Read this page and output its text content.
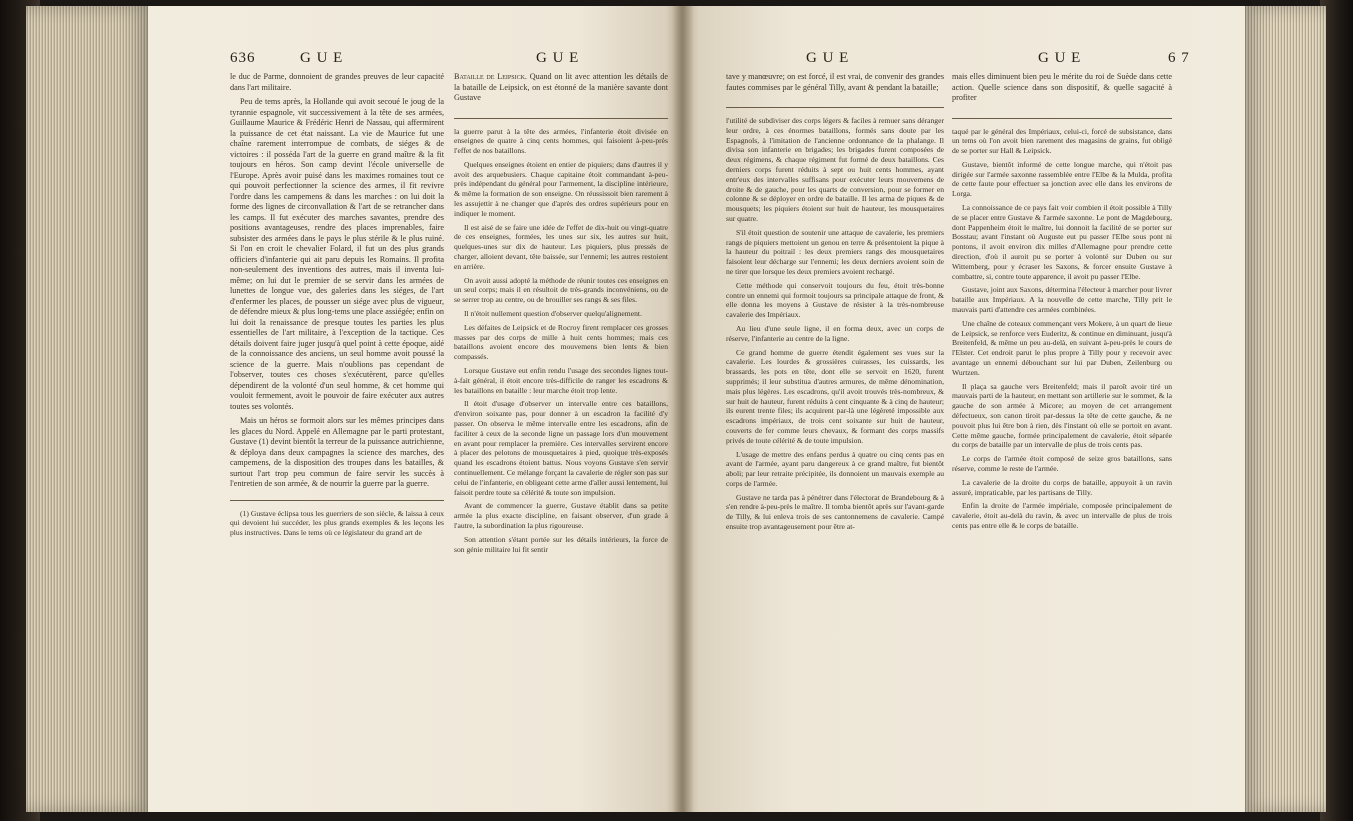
636	G U E	G U E

le duc de Parme, donnoient de grandes preuves de leur capacité dans l'art militaire.

Peu de tems après, la Hollande qui avoit secoué le joug de la tyrannie espagnole, vit successivement à la tête de ses armées, Guillaume Maurice & Frédéric Henri de Nassau, qui affermirent la puissance de cet état naissant. La vie de Maurice fut une chaîne rarement interrompue de combats, de siéges & de victoires : il posséda l'art de la guerre en grand maître & la fit toujours en héros. Son camp devint l'école universelle de l'Europe. Après avoir puisé dans les maximes romaines tout ce qui pouvoit perfectionner la science des armes, il fit revivre l'ordre dans les campemens & dans les marches : on lui doit la forme des lignes de circonvallation & l'art de se retrancher dans les camps. Il fut exécuter des marches savantes, prendre des positions avantageuses, rendre des places imprenables, faire subsister des armées dans le pays le plus stérile & le plus ruiné. Si l'on en croit le chevalier Folard, il fut un des plus grands officiers d'infanterie qui ait paru depuis les Romains. Il profita non-seulement des inventions des autres, mais il inventa lui-même; on lui dut le premier de se servir dans les armées de lunettes de longue vue, des galeries dans les siéges, de l'art d'enfermer les places, de pousser un siége avec plus de vigueur, de défendre mieux & plus long-tems une place assiégée; enfin on lui doit la renaissance de presque toutes les parties les plus essentielles de l'art militaire, à l'exception de la tactique. Ces détails doivent faire juger jusqu'à quel point à cette époque, aidé de la connoissance des anciens, un seul homme avoit poussé la science de la guerre. Mais n'oublions pas cependant de l'observer, toutes ces choses s'exécutèrent, parce qu'elles dépendirent de la volonté d'un seul homme, & cet homme qui vouloit fermement, avoit le pouvoir de faire exécuter aux autres toutes ses volontés.

Mais un héros se formoit alors sur les mêmes principes dans les glaces du Nord. Appelé en Allemagne par le parti protestant, Gustave (1) devint bientôt la terreur de la puissance autrichienne, & déploya dans deux campagnes la science des marches, des campemens, de la disposition des troupes dans les batailles, & surtout l'art trop peu commun de faire servir les succès à l'entretien de son armée, & de nourrir la guerre par la guerre.

(1) Gustave éclipsa tous les guerriers de son siècle, & laissa à ceux qui devoient lui succéder, les plus grands exemples & les leçons les plus instructives. Dans le tems où ce législateur du grand art de

Bataille de Leipsick. Quand on lit avec attention les détails de la bataille de Leipsick, on est étonné de la manière savante dont Gustave

la guerre parut à la tête des armées, l'infanterie étoit divisée en enseignes de quatre à cinq cents hommes, qui faisoient à-peu-près l'effet de nos bataillons.

Quelques enseignes étoient en entier de piquiers; dans d'autres il y avoit des arquebusiers. Chaque capitaine étoit commandant à-peu-près indépendant du général pour l'armement, la discipline intérieure, & même la formation de son enseigne. On réussissoit bien rarement à les assujettir à ne changer que d'après des ordres supérieurs pour en indiquer le moment.

Il est aisé de se faire une idée de l'effet de dix-huit ou vingt-quatre de ces enseignes, formées, les unes sur six, les autres sur huit, quelques-unes sur dix de hauteur. Les piquiers, plus pressés de charger, alloient devant, tête baissée, sur l'ennemi; les autres restoient en arrière.

On avoit aussi adopté la méthode de réunir toutes ces enseignes en un seul corps; mais il en résultoit de très-grands inconvéniens, ou de se serrer trop au centre, ou de brouiller ses rangs & ses files.

Il n'étoit nullement question d'observer quelqu'alignement.

Les défaites de Leipsick et de Rocroy firent remplacer ces grosses masses par des corps de mille à huit cents hommes; mais ces bataillons avoient encore des mouvemens bien lents & bien compassés.

Lorsque Gustave eut enfin rendu l'usage des secondes lignes tout-à-fait général, il étoit encore très-difficile de ranger les escadrons & les bataillons en bataille : leur marche étoit trop lente.

Il étoit d'usage d'observer un intervalle entre ces bataillons, d'environ soixante pas, pour donner à un escadron la facilité d'y passer. On observa le même intervalle entre les escadrons, afin de faciliter à ceux de la seconde ligne un passage lors d'un mouvement en avant pour remplacer la première. Ces intervalles servirent encore à placer des pelotons de mousquetaires à pied, quoique très-exposés quand les escadrons étoient battus. Nous voyons Gustave s'en servir continuellement. Ce mélange forçant la cavalerie de régler son pas sur celui de l'infanterie, en obligeant cette arme d'aller aussi lentement, lui faisoit perdre toute sa célérité & toute son impulsion.

Avant de commencer la guerre, Gustave établit dans sa petite armée la plus exacte discipline, en faisant observer, d'un grade à l'autre, la subordination la plus rigoureuse.

Son attention s'étant portée sur les détails intérieurs, la force de son génie militaire lui fit sentir

G U E	G U E	6 7

tave y manœuvre; on est forcé, il est vrai, de convenir des grandes fautes commises par le général Tilly, avant & pendant la bataille;

l'utilité de subdiviser des corps légers & faciles à remuer sans déranger leur ordre, à ces énormes bataillons, formés sans doute par les Espagnols, à l'imitation de l'ancienne ordonnance de la phalange. Il divisa son infanterie en brigades; les brigades furent composées de deux régimens, & chaque régiment fut formé de deux bataillons. Ces derniers corps furent réduits à sept ou huit cents hommes, ayant entr'eux des intervalles suffisans pour exécuter leurs mouvemens de droite & de gauche, pour les quarts de conversion, pour se former en colonne & se déployer en ordre de bataille. Il les arma de piques & de mousquets; les piquiers étoient sur huit de hauteur, les mousquetaires sur quatre.

S'il étoit question de soutenir une attaque de cavalerie, les premiers rangs de piquiers mettoient un genou en terre & présentoient la pique à la hauteur du poitrail : les deux premiers rangs des mousquetaires faisoient leur décharge sur l'ennemi; les deux derniers avoient soin de ne tirer que lorsque les deux premiers avoient rechargé.

Cette méthode qui conservoit toujours du feu, étoit très-bonne contre un ennemi qui formoit toujours sa principale attaque de front, & elle donna les moyens à Gustave de résister à la très-nombreuse cavalerie des Impériaux.

Au lieu d'une seule ligne, il en forma deux, avec un corps de réserve, l'infanterie au centre de la ligne.

Ce grand homme de guerre étendit également ses vues sur la cavalerie. Les lourdes & grossières cuirasses, les cuissards, les brassards, les pots en tête, dont elle se servoit en 1620, furent supprimés; il leur substitua d'autres armures, de même dénomination, mais plus légères. Les escadrons, qu'il avoit trouvés très-nombreux, & sur huit de hauteur, furent réduits à cent cinquante & à cinq de hauteur; ils eurent trente files; ils acquirent par-là une légèreté impossible aux escadrons impériaux, de trois cent soixante sur huit de hauteur, couverts de fer comme leurs chevaux, & formant des corps massifs privés de toute célérité & de toute impulsion.

L'usage de mettre des enfans perdus à quatre ou cinq cents pas en avant de l'armée, ayant paru dangereux à ce grand maître, fut bientôt aboli; par leur retraite précipitée, ils donnoient un mauvais exemple au corps de l'armée.

Gustave ne tarda pas à pénétrer dans l'électorat de Brandebourg & à s'en rendre à-peu-près le maître. Il tomba bientôt après sur l'avant-garde de Tilly, & lui enleva trois de ses cantonnemens de cavalerie. Campé ensuite trop avantageusement pour être at-

mais elles diminuent bien peu le mérite du roi de Suède dans cette action. Quelle science dans son dispositif, & quelle sagacité à profiter

taqué par le général des Impériaux, celui-ci, forcé de subsistance, dans un tems où l'on avoit bien rarement des magasins de grains, fut obligé de se porter sur Hall & Leipsick.

Gustave, bientôt informé de cette longue marche, qui n'étoit pas dirigée sur l'armée saxonne rassemblée entre l'Elbe & la Mulda, profita de cette faute pour effectuer sa jonction avec elle dans les environs de Lorga.

La connoissance de ce pays fait voir combien il étoit possible à Tilly de se placer entre Gustave & l'armée saxonne. Le pont de Magdebourg, dont Pappenheim étoit le maître, lui donnoit la facilité de se porter sur Bosstau; avant l'instant où Auguste eut pu passer l'Elbe sous pont ni pontons, il avoit environ dix milles d'Allemagne pour prendre cette direction, d'où il auroit pu se porter à volonté sur Duben ou sur Wittemberg, pour y écraser les Saxons, & forcer ensuite Gustave à combattre, si, contre toute apparence, il avoit pu passer l'Elbe.

Gustave, joint aux Saxons, détermina l'électeur à marcher pour livrer bataille aux Impériaux. A la nouvelle de cette marche, Tilly prit le mauvais parti d'attendre ces armées combinées.

Une chaîne de coteaux commençant vers Mokere, à un quart de lieue de Leipsick, se renforce vers Euderitz, & continue en diminuant, jusqu'à Breitenfeld, & même un peu au-delà, en suivant à-peu-près le cours de l'Elster. Cet endroit parut le plus propre à Tilly pour y recevoir avec avantage un ennemi débouchant sur lui par Duben, Zeilenburg ou Wurtzen.

Il plaça sa gauche vers Breitenfeld; mais il paroît avoir tiré un mauvais parti de la hauteur, en mettant son artillerie sur le sommet, & la gauche de son armée à Micore; au moyen de cet arrangement défectueux, son canon tiroit par-dessus la tête de cette gauche, & ne pouvoit plus lui être bon à rien, dès l'instant où elle se portoit en avant. Cette même gauche, formée principalement de cavalerie, étoit séparée du corps de bataille par un intervalle de plus de trois cents pas.

Le corps de l'armée étoit composé de seize gros bataillons, sans réserve, comme le reste de l'armée.

La cavalerie de la droite du corps de bataille, appuyoit à un ravin assuré, impraticable, par les partisans de Tilly.

Enfin la droite de l'armée impériale, composée principalement de cavalerie, étoit au-delà du ravin, & avec un intervalle de plus de trois cents pas entre elle & le corps de bataille.
